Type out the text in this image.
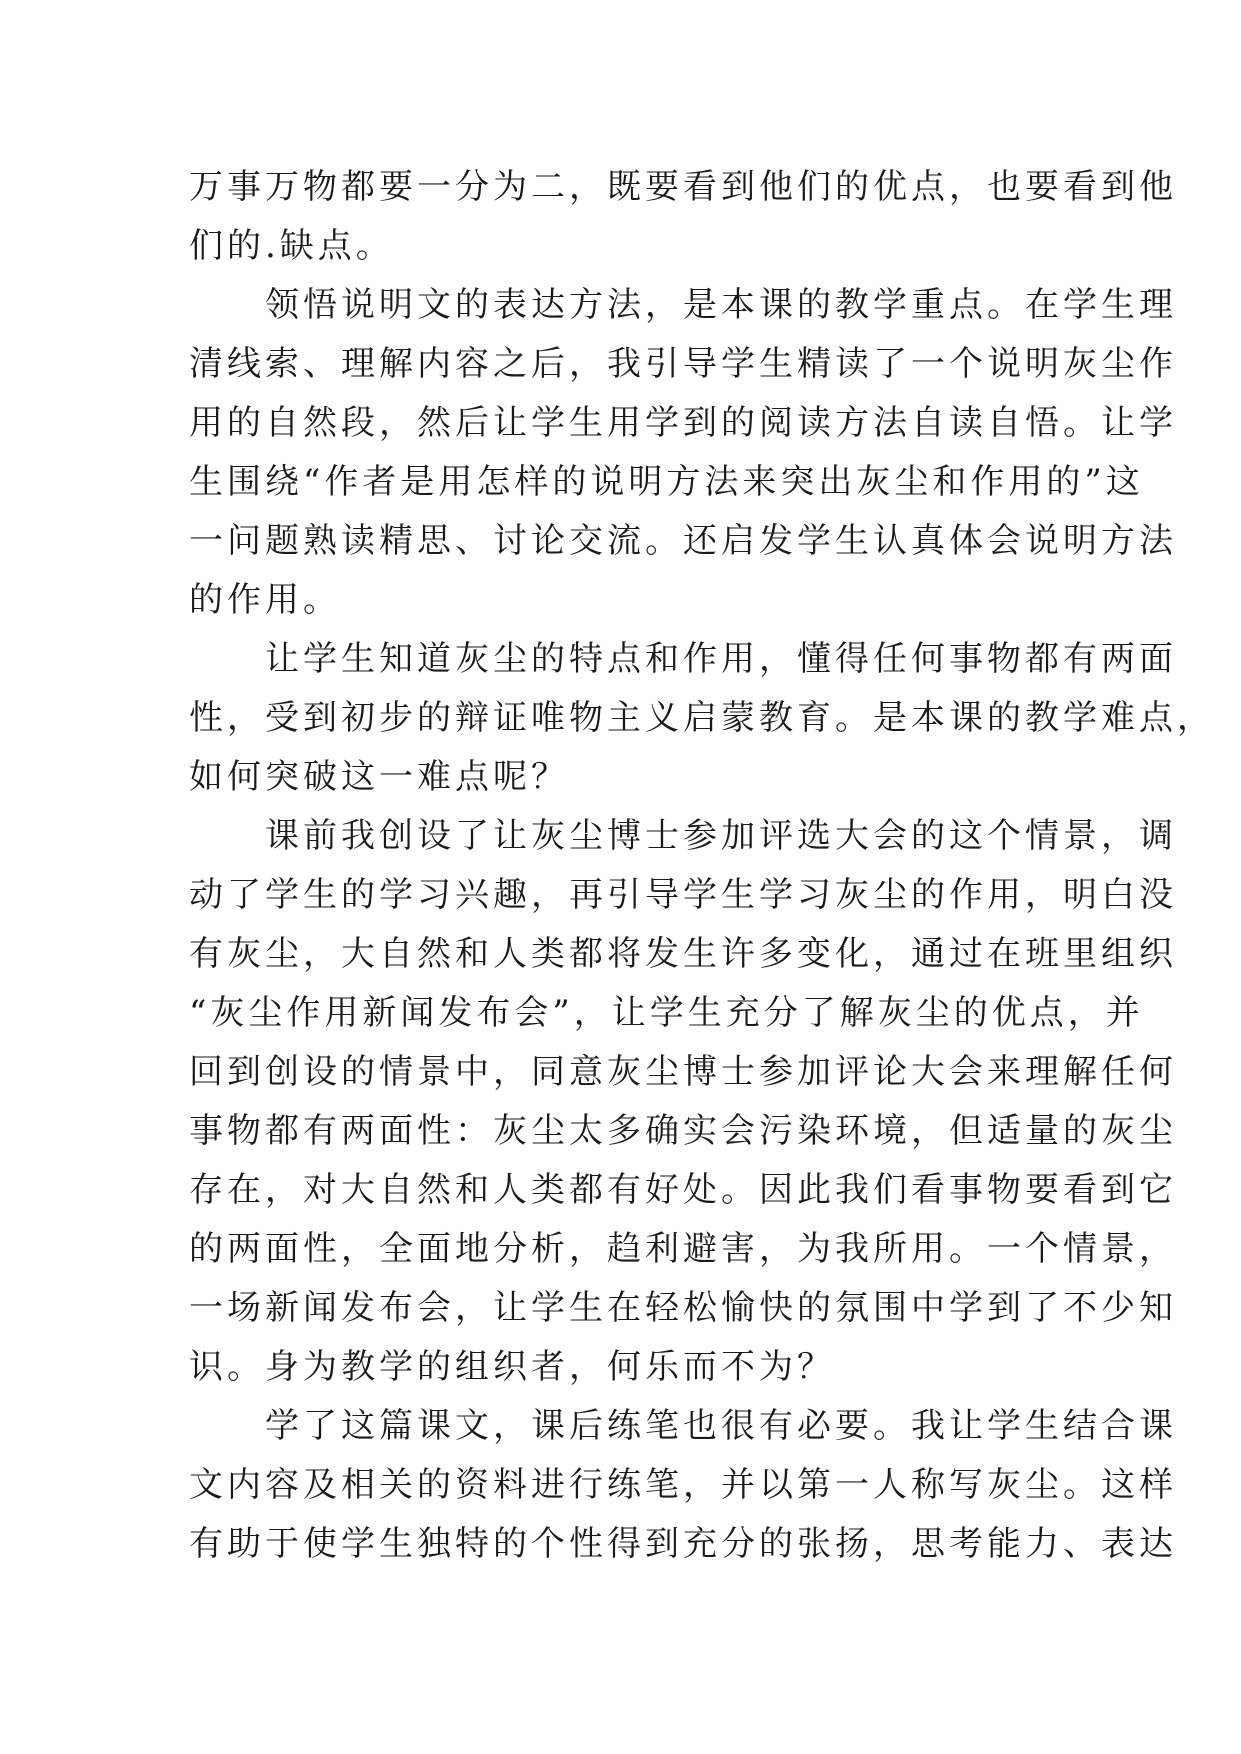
万事万物都要一分为二，既要看到他们的优点，也要看到他
们的.缺点。
领悟说明文的表达方法，是本课的教学重点。在学生理
清线索、理解内容之后，我引导学生精读了一个说明灰尘作
用的自然段，然后让学生用学到的阅读方法自读自悟。让学
生围绕“作者是用怎样的说明方法来突出灰尘和作用的”这
一问题熟读精思、讨论交流。还启发学生认真体会说明方法
的作用。
让学生知道灰尘的特点和作用，懂得任何事物都有两面
性，受到初步的辩证唯物主义启蒙教育。是本课的教学难点，
如何突破这一难点呢？
课前我创设了让灰尘博士参加评选大会的这个情景，调
动了学生的学习兴趣，再引导学生学习灰尘的作用，明白没
有灰尘，大自然和人类都将发生许多变化，通过在班里组织
“灰尘作用新闻发布会”，让学生充分了解灰尘的优点，并
回到创设的情景中，同意灰尘博士参加评论大会来理解任何
事物都有两面性：灰尘太多确实会污染环境，但适量的灰尘
存在，对大自然和人类都有好处。因此我们看事物要看到它
的两面性，全面地分析，趋利避害，为我所用。一个情景，
一场新闻发布会，让学生在轻松愉快的氛围中学到了不少知
识。身为教学的组织者，何乐而不为？
学了这篇课文，课后练笔也很有必要。我让学生结合课
文内容及相关的资料进行练笔，并以第一人称写灰尘。这样
有助于使学生独特的个性得到充分的张扬，思考能力、表达
